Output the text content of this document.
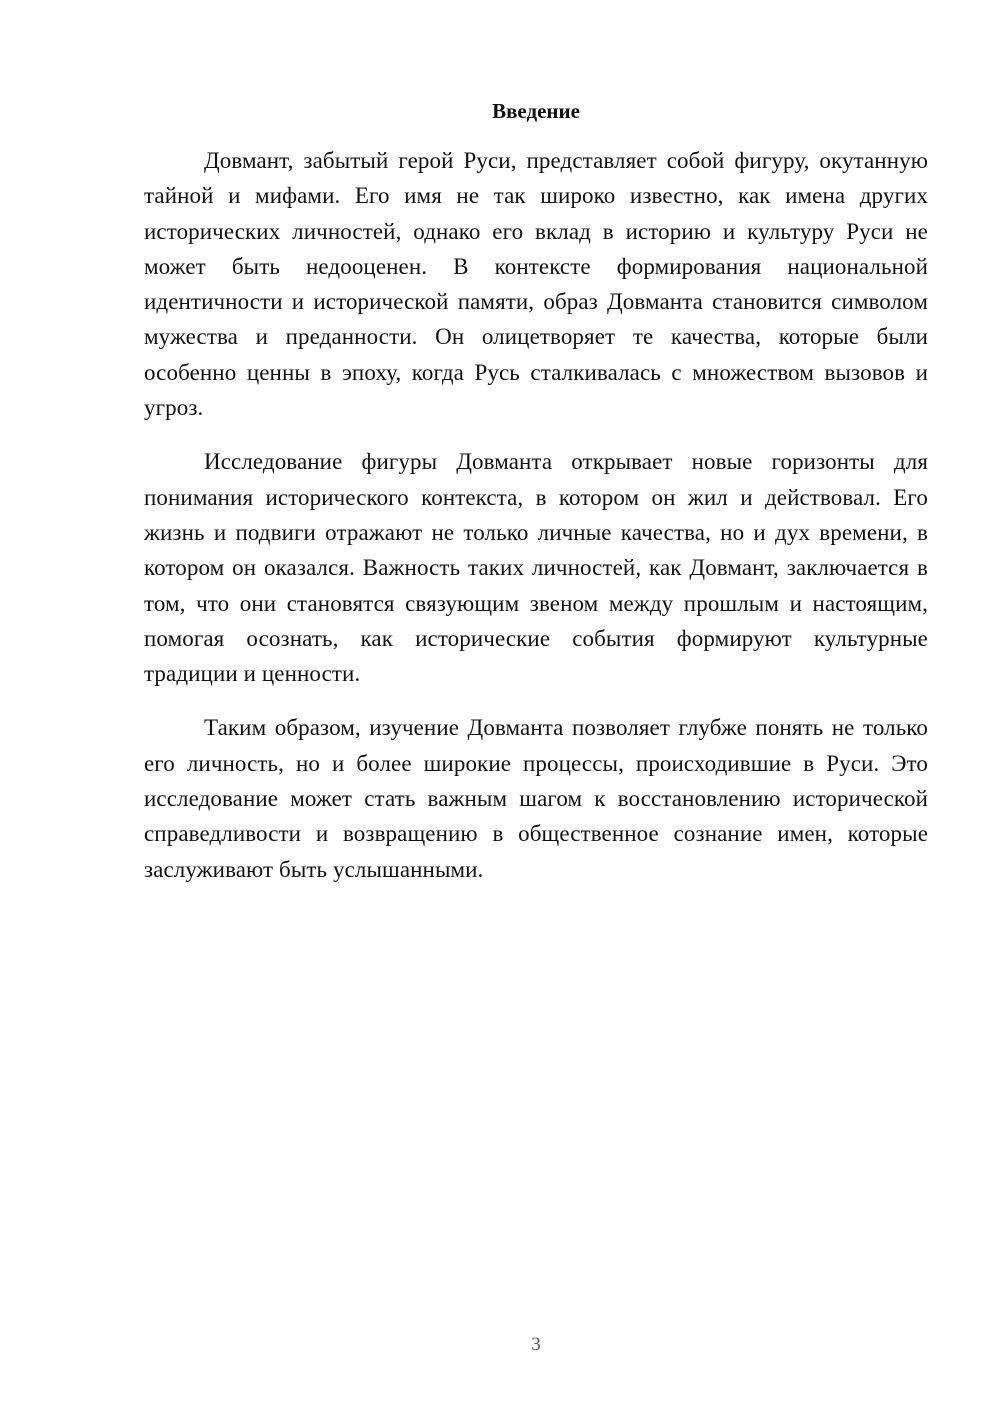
Введение

Довмант, забытый герой Руси, представляет собой фигуру, окутанную тайной и мифами. Его имя не так широко известно, как имена других исторических личностей, однако его вклад в историю и культуру Руси не может быть недооценен. В контексте формирования национальной идентичности и исторической памяти, образ Довманта становится символом мужества и преданности. Он олицетворяет те качества, которые были особенно ценны в эпоху, когда Русь сталкивалась с множеством вызовов и угроз.

Исследование фигуры Довманта открывает новые горизонты для понимания исторического контекста, в котором он жил и действовал. Его жизнь и подвиги отражают не только личные качества, но и дух времени, в котором он оказался. Важность таких личностей, как Довмант, заключается в том, что они становятся связующим звеном между прошлым и настоящим, помогая осознать, как исторические события формируют культурные традиции и ценности.

Таким образом, изучение Довманта позволяет глубже понять не только его личность, но и более широкие процессы, происходившие в Руси. Это исследование может стать важным шагом к восстановлению исторической справедливости и возвращению в общественное сознание имен, которые заслуживают быть услышанными.

3
